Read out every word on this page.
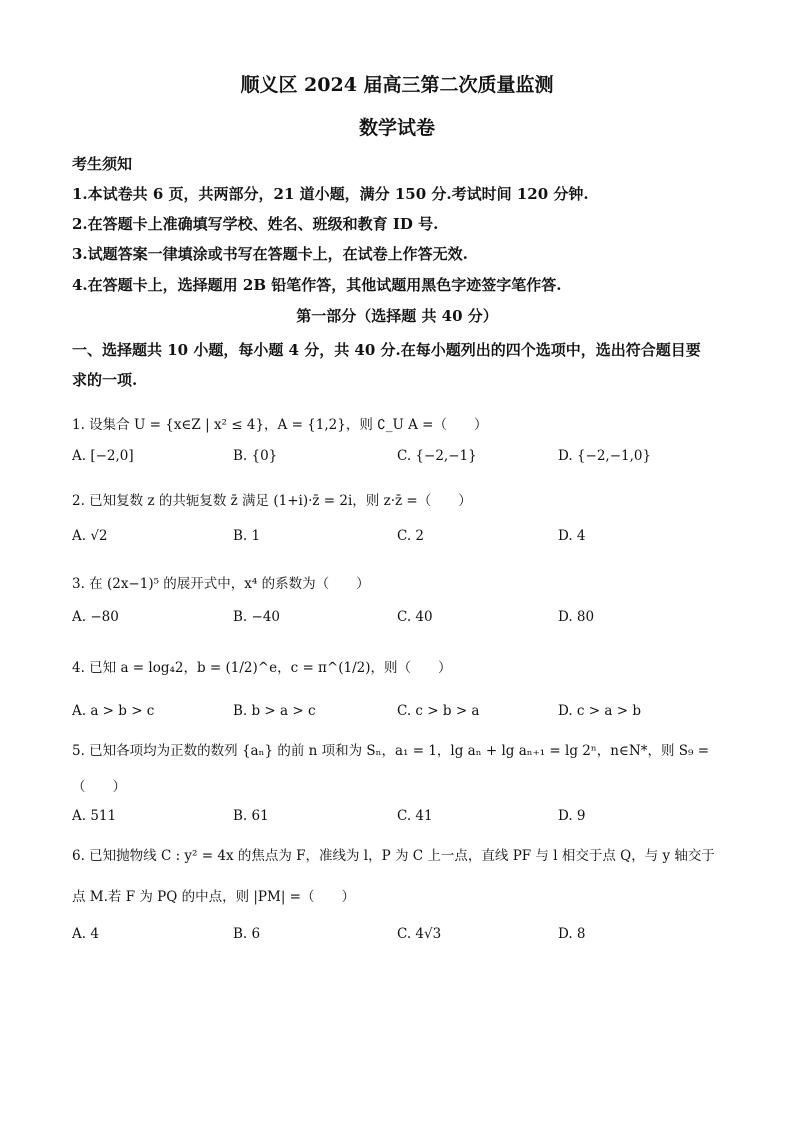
顺义区 2024 届高三第二次质量监测
数学试卷
考生须知
1.本试卷共 6 页，共两部分，21 道小题，满分 150 分.考试时间 120 分钟.
2.在答题卡上准确填写学校、姓名、班级和教育 ID 号.
3.试题答案一律填涂或书写在答题卡上，在试卷上作答无效.
4.在答题卡上，选择题用 2B 铅笔作答，其他试题用黑色字迹签字笔作答.
第一部分（选择题 共 40 分）
一、选择题共 10 小题，每小题 4 分，共 40 分.在每小题列出的四个选项中，选出符合题目要
求的一项.
1. 设集合 U = {x∈Z | x² ≤ 4}，A = {1,2}，则 ∁_U A =（　　）
A. [−2,0]	B. {0}	C. {−2,−1}	D. {−2,−1,0}
2. 已知复数 z 的共轭复数 z̄ 满足 (1+i)·z̄ = 2i，则 z·z̄ =（　　）
A. √2	B. 1	C. 2	D. 4
3. 在 (2x−1)⁵ 的展开式中，x⁴ 的系数为（　　）
A. −80	B. −40	C. 40	D. 80
4. 已知 a = log₄2，b = (1/2)^e，c = π^(1/2)，则（　　）
A. a > b > c	B. b > a > c	C. c > b > a	D. c > a > b
5. 已知各项均为正数的数列 {aₙ} 的前 n 项和为 Sₙ，a₁ = 1，lg aₙ + lg aₙ₊₁ = lg 2ⁿ，n∈N*，则 S₉ =
（　　）
A. 511	B. 61	C. 41	D. 9
6. 已知抛物线 C : y² = 4x 的焦点为 F，准线为 l，P 为 C 上一点，直线 PF 与 l 相交于点 Q，与 y 轴交于
点 M.若 F 为 PQ 的中点，则 |PM| =（　　）
A. 4	B. 6	C. 4√3	D. 8
